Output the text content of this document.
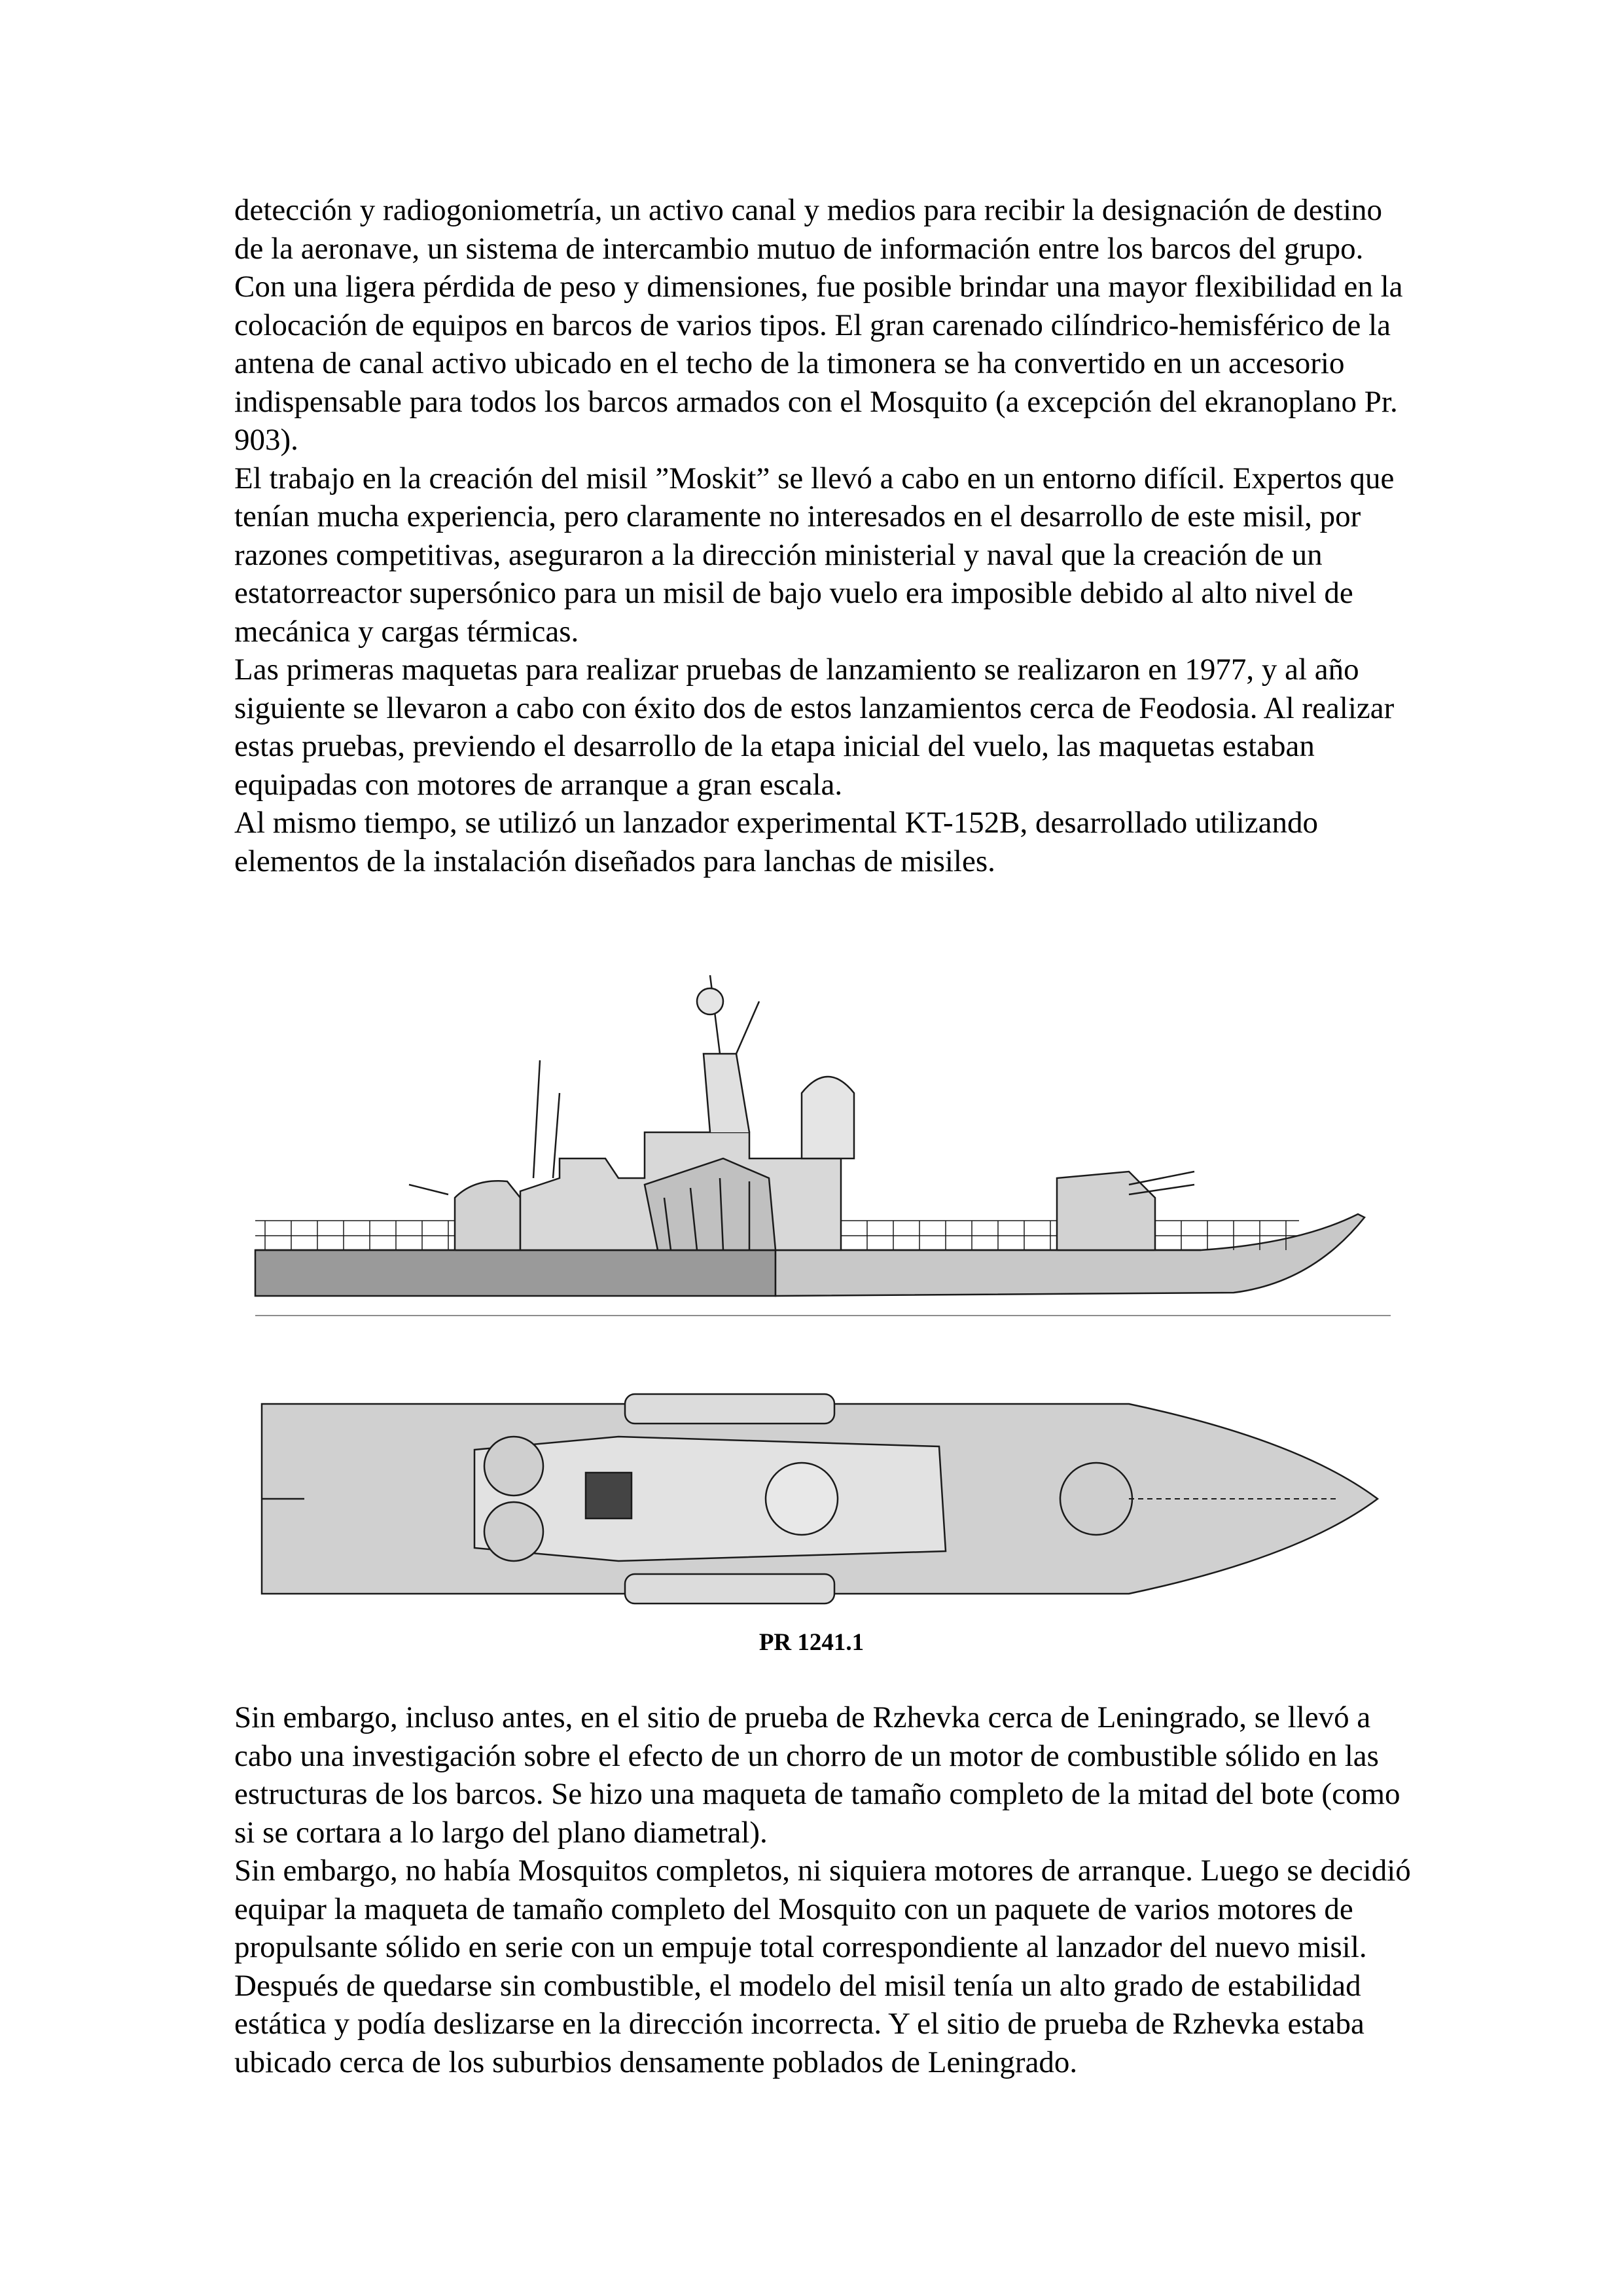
detección y radiogoniometría, un activo canal y medios para recibir la designación de destino de la aeronave, un sistema de intercambio mutuo de información entre los barcos del grupo.

Con una ligera pérdida de peso y dimensiones, fue posible brindar una mayor flexibilidad en la colocación de equipos en barcos de varios tipos. El gran carenado cilíndrico-hemisférico de la antena de canal activo ubicado en el techo de la timonera se ha convertido en un accesorio indispensable para todos los barcos armados con el Mosquito (a excepción del ekranoplano Pr. 903).

El trabajo en la creación del misil ”Moskit” se llevó a cabo en un entorno difícil. Expertos que tenían mucha experiencia, pero claramente no interesados en el desarrollo de este misil, por razones competitivas, aseguraron a la dirección ministerial y naval que la creación de un estatorreactor supersónico para un misil de bajo vuelo era imposible debido al alto nivel de mecánica y cargas térmicas.

Las primeras maquetas para realizar pruebas de lanzamiento se realizaron en 1977, y al año siguiente se llevaron a cabo con éxito dos de estos lanzamientos cerca de Feodosia. Al realizar estas pruebas, previendo el desarrollo de la etapa inicial del vuelo, las maquetas estaban equipadas con motores de arranque a gran escala.

Al mismo tiempo, se utilizó un lanzador experimental KT-152B, desarrollado utilizando elementos de la instalación diseñados para lanchas de misiles.

PR 1241.1

Sin embargo, incluso antes, en el sitio de prueba de Rzhevka cerca de Leningrado, se llevó a cabo una investigación sobre el efecto de un chorro de un motor de combustible sólido en las estructuras de los barcos. Se hizo una maqueta de tamaño completo de la mitad del bote (como si se cortara a lo largo del plano diametral).

Sin embargo, no había Mosquitos completos, ni siquiera motores de arranque. Luego se decidió equipar la maqueta de tamaño completo del Mosquito con un paquete de varios motores de propulsante sólido en serie con un empuje total correspondiente al lanzador del nuevo misil. Después de quedarse sin combustible, el modelo del misil tenía un alto grado de estabilidad estática y podía deslizarse en la dirección incorrecta. Y el sitio de prueba de Rzhevka estaba ubicado cerca de los suburbios densamente poblados de Leningrado.
